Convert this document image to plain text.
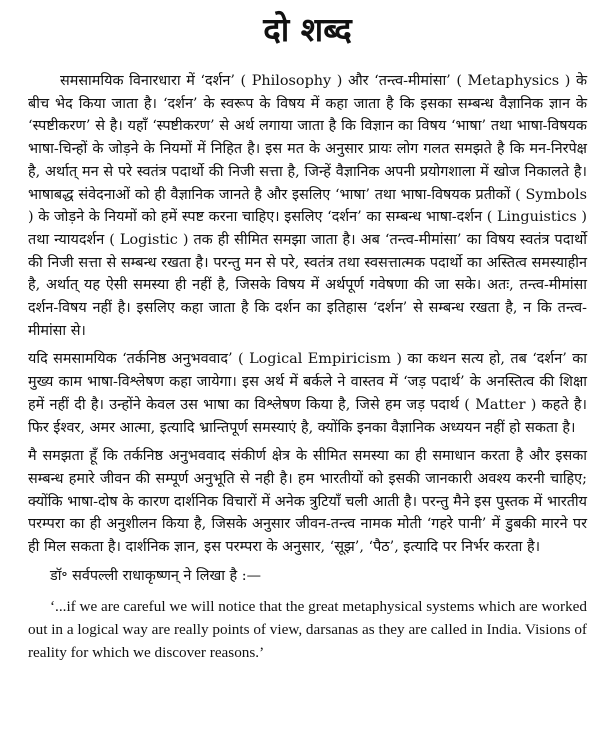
दो शब्द

समसामयिक विनारधारा में ‘दर्शन’ ( Philosophy ) और ‘तन्त्व-मीमांसा’ ( Metaphysics ) के बीच भेद किया जाता है। ‘दर्शन’ के स्वरूप के विषय में कहा जाता है कि इसका सम्बन्ध वैज्ञानिक ज्ञान के ‘स्पष्टीकरण’ से है। यहाँ ‘स्पष्टीकरण’ से अर्थ लगाया जाता है कि विज्ञान का विषय ‘भाषा’ तथा भाषा-विषयक भाषा-चिन्हों के जोड़ने के नियमों में निहित है। इस मत के अनुसार प्रायः लोग गलत समझते है कि मन-निरपेक्ष है, अर्थात् मन से परे स्वतंत्र पदार्थो की निजी सत्ता है, जिन्हें वैज्ञानिक अपनी प्रयोगशाला में खोज निकालते है। भाषाबद्ध संवेदनाओं को ही वैज्ञानिक जानते है और इसलिए ‘भाषा’ तथा भाषा-विषयक प्रतीकों ( Symbols ) के जोड़ने के नियमों को हमें स्पष्ट करना चाहिए। इसलिए ‘दर्शन’ का सम्बन्ध भाषा-दर्शन ( Linguistics ) तथा न्यायदर्शन ( Logistic ) तक ही सीमित समझा जाता है। अब ‘तन्त्व-मीमांसा’ का विषय स्वतंत्र पदार्थो की निजी सत्ता से सम्बन्ध रखता है। परन्तु मन से परे, स्वतंत्र तथा स्वसत्तात्मक पदार्थो का अस्तित्व समस्याहीन है, अर्थात् यह ऐसी समस्या ही नहीं है, जिसके विषय में अर्थपूर्ण गवेषणा की जा सके। अतः, तन्त्व-मीमांसा दर्शन-विषय नहीं है। इसलिए कहा जाता है कि दर्शन का इतिहास ‘दर्शन’ से सम्बन्ध रखता है, न कि तन्त्व-मीमांसा से।

यदि समसामयिक ‘तर्कनिष्ठ अनुभववाद’ ( Logical Empiricism ) का कथन सत्य हो, तब ‘दर्शन’ का मुख्य काम भाषा-विश्लेषण कहा जायेगा। इस अर्थ में बर्कले ने वास्तव में ‘जड़ पदार्थ’ के अनस्तित्व की शिक्षा हमें नहीं दी है। उन्होंने केवल उस भाषा का विश्लेषण किया है, जिसे हम जड़ पदार्थ ( Matter ) कहते है। फिर ईश्वर, अमर आत्मा, इत्यादि भ्रान्तिपूर्ण समस्याएं है, क्योंकि इनका वैज्ञानिक अध्ययन नहीं हो सकता है।

मै समझता हूँ कि तर्कनिष्ठ अनुभववाद संकीर्ण क्षेत्र के सीमित समस्या का ही समाधान करता है और इसका सम्बन्ध हमारे जीवन की सम्पूर्ण अनुभूति से नही है। हम भारतीयों को इसकी जानकारी अवश्य करनी चाहिए; क्योंकि भाषा-दोष के कारण दार्शनिक विचारों में अनेक त्रुटियाँ चली आती है। परन्तु मैने इस पुस्तक में भारतीय परम्परा का ही अनुशीलन किया है, जिसके अनुसार जीवन-तन्त्व नामक मोती ‘गहरे पानी’ में डुबकी मारने पर ही मिल सकता है। दार्शनिक ज्ञान, इस परम्परा के अनुसार, ‘सूझ’, ‘पैठ’, इत्यादि पर निर्भर करता है।

डॉ॰ सर्वपल्ली राधाकृष्णन् ने लिखा है :—

‘...if we are careful we will notice that the great metaphysical systems which are worked out in a logical way are really points of view, darsanas as they are called in India. Visions of reality for which we discover reasons.’
